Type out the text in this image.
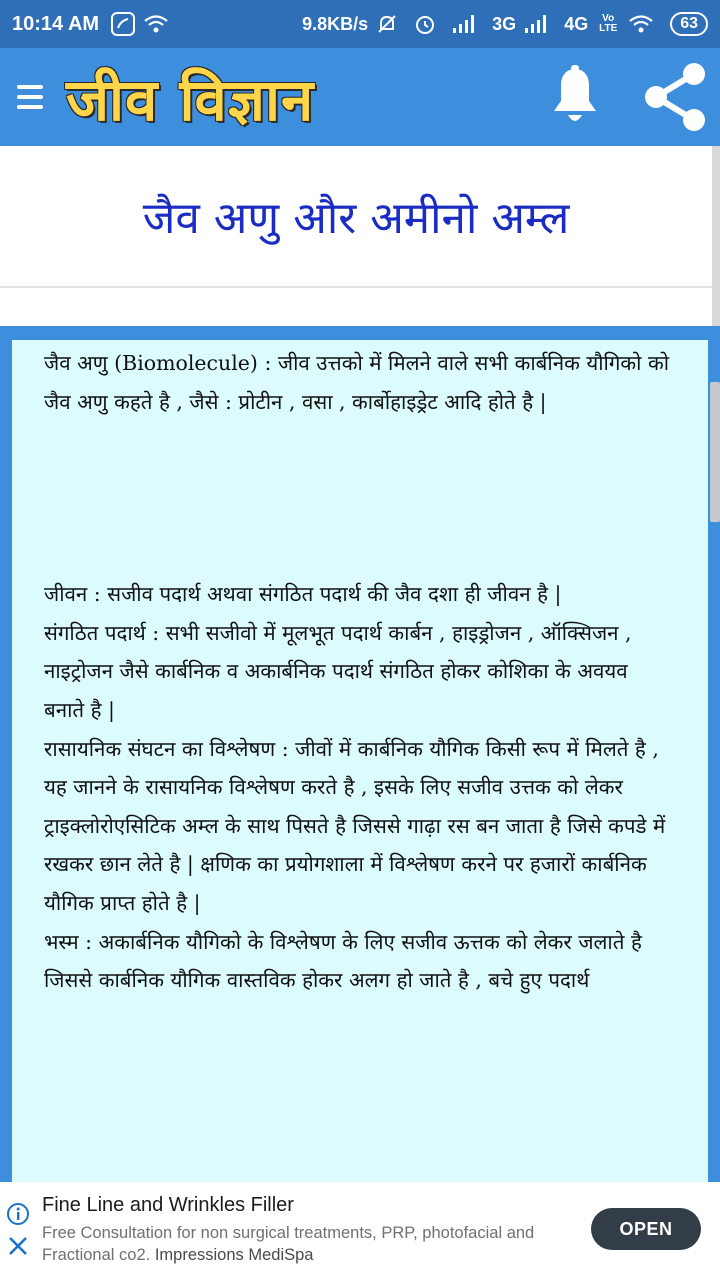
10:14 AM	9.8KB/s	3G	4G	Vo LTE	63
जीव विज्ञान
जैव अणु और अमीनो अम्ल

जैव अणु (Biomolecule) : जीव उत्तको में मिलने वाले सभी कार्बनिक यौगिको को जैव अणु कहते है , जैसे : प्रोटीन , वसा , कार्बोहाइड्रेट आदि होते है |

जीवन : सजीव पदार्थ अथवा संगठित पदार्थ की जैव दशा ही जीवन है |

संगठित पदार्थ : सभी सजीवो में मूलभूत पदार्थ कार्बन , हाइड्रोजन , ऑक्सिजन , नाइट्रोजन जैसे कार्बनिक व अकार्बनिक पदार्थ संगठित होकर कोशिका के अवयव

बनाते है |

रासायनिक संघटन का विश्लेषण : जीवों में कार्बनिक यौगिक किसी रूप में मिलते है , यह जानने के रासायनिक विश्लेषण करते है , इसके लिए सजीव उत्तक को लेकर

ट्राइक्लोरोएसिटिक अम्ल के साथ पिसते है जिससे गाढ़ा रस बन जाता है जिसे कपडे में

रखकर छान लेते है | क्षणिक का प्रयोगशाला में विश्लेषण करने पर हजारों कार्बनिक

यौगिक प्राप्त होते है |

भस्म : अकार्बनिक यौगिको के विश्लेषण के लिए सजीव ऊत्तक को लेकर जलाते है जिससे कार्बनिक यौगिक वास्तविक होकर अलग हो जाते है , बचे हुए पदार्थ

Fine Line and Wrinkles Filler
Free Consultation for non surgical treatments, PRP, photofacial and Fractional co2. Impressions MediSpa
OPEN
